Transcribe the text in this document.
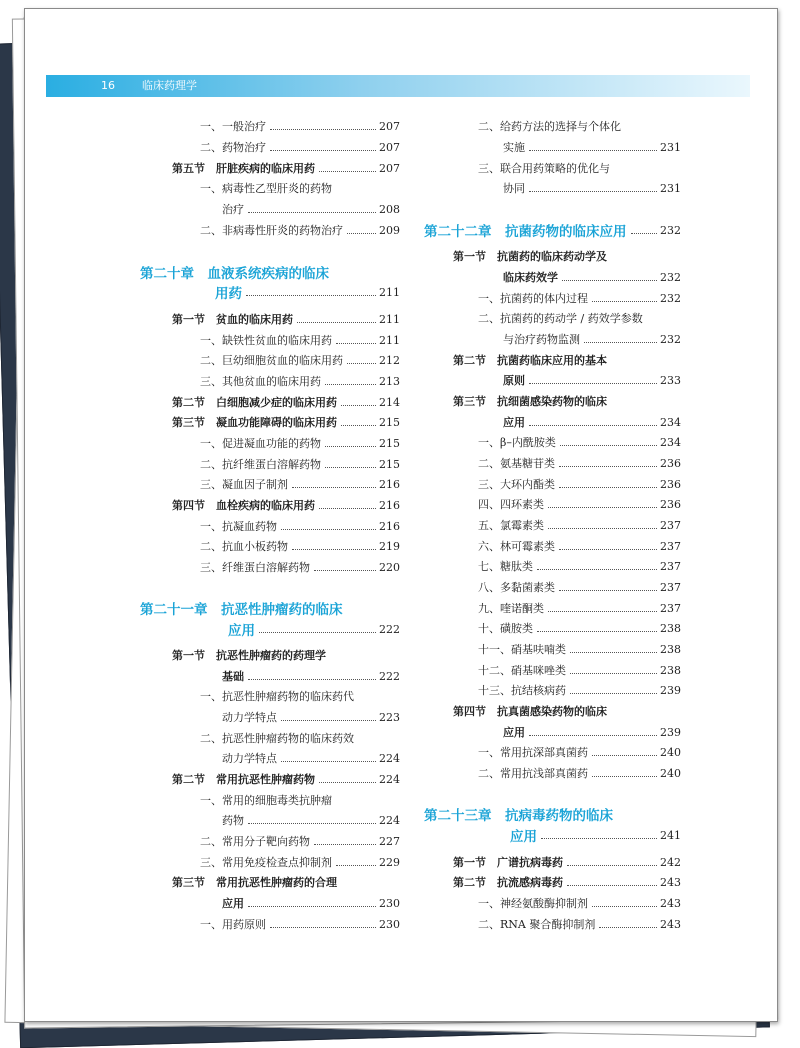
16	临床药理学
一、一般治疗	207
二、药物治疗	207
第五节　肝脏疾病的临床用药	207
一、病毒性乙型肝炎的药物
治疗	208
二、非病毒性肝炎的药物治疗	209
第二十章　血液系统疾病的临床
用药	211
第一节　贫血的临床用药	211
一、缺铁性贫血的临床用药	211
二、巨幼细胞贫血的临床用药	212
三、其他贫血的临床用药	213
第二节　白细胞减少症的临床用药	214
第三节　凝血功能障碍的临床用药	215
一、促进凝血功能的药物	215
二、抗纤维蛋白溶解药物	215
三、凝血因子制剂	216
第四节　血栓疾病的临床用药	216
一、抗凝血药物	216
二、抗血小板药物	219
三、纤维蛋白溶解药物	220
第二十一章　抗恶性肿瘤药的临床
应用	222
第一节　抗恶性肿瘤药的药理学
基础	222
一、抗恶性肿瘤药物的临床药代
动力学特点	223
二、抗恶性肿瘤药物的临床药效
动力学特点	224
第二节　常用抗恶性肿瘤药物	224
一、常用的细胞毒类抗肿瘤
药物	224
二、常用分子靶向药物	227
三、常用免疫检查点抑制剂	229
第三节　常用抗恶性肿瘤药的合理
应用	230
一、用药原则	230
二、给药方法的选择与个体化
实施	231
三、联合用药策略的优化与
协同	231
第二十二章　抗菌药物的临床应用	232
第一节　抗菌药的临床药动学及
临床药效学	232
一、抗菌药的体内过程	232
二、抗菌药的药动学 / 药效学参数
与治疗药物监测	232
第二节　抗菌药临床应用的基本
原则	233
第三节　抗细菌感染药物的临床
应用	234
一、β–内酰胺类	234
二、氨基糖苷类	236
三、大环内酯类	236
四、四环素类	236
五、氯霉素类	237
六、林可霉素类	237
七、糖肽类	237
八、多黏菌素类	237
九、喹诺酮类	237
十、磺胺类	238
十一、硝基呋喃类	238
十二、硝基咪唑类	238
十三、抗结核病药	239
第四节　抗真菌感染药物的临床
应用	239
一、常用抗深部真菌药	240
二、常用抗浅部真菌药	240
第二十三章　抗病毒药物的临床
应用	241
第一节　广谱抗病毒药	242
第二节　抗流感病毒药	243
一、神经氨酸酶抑制剂	243
二、RNA 聚合酶抑制剂	243
